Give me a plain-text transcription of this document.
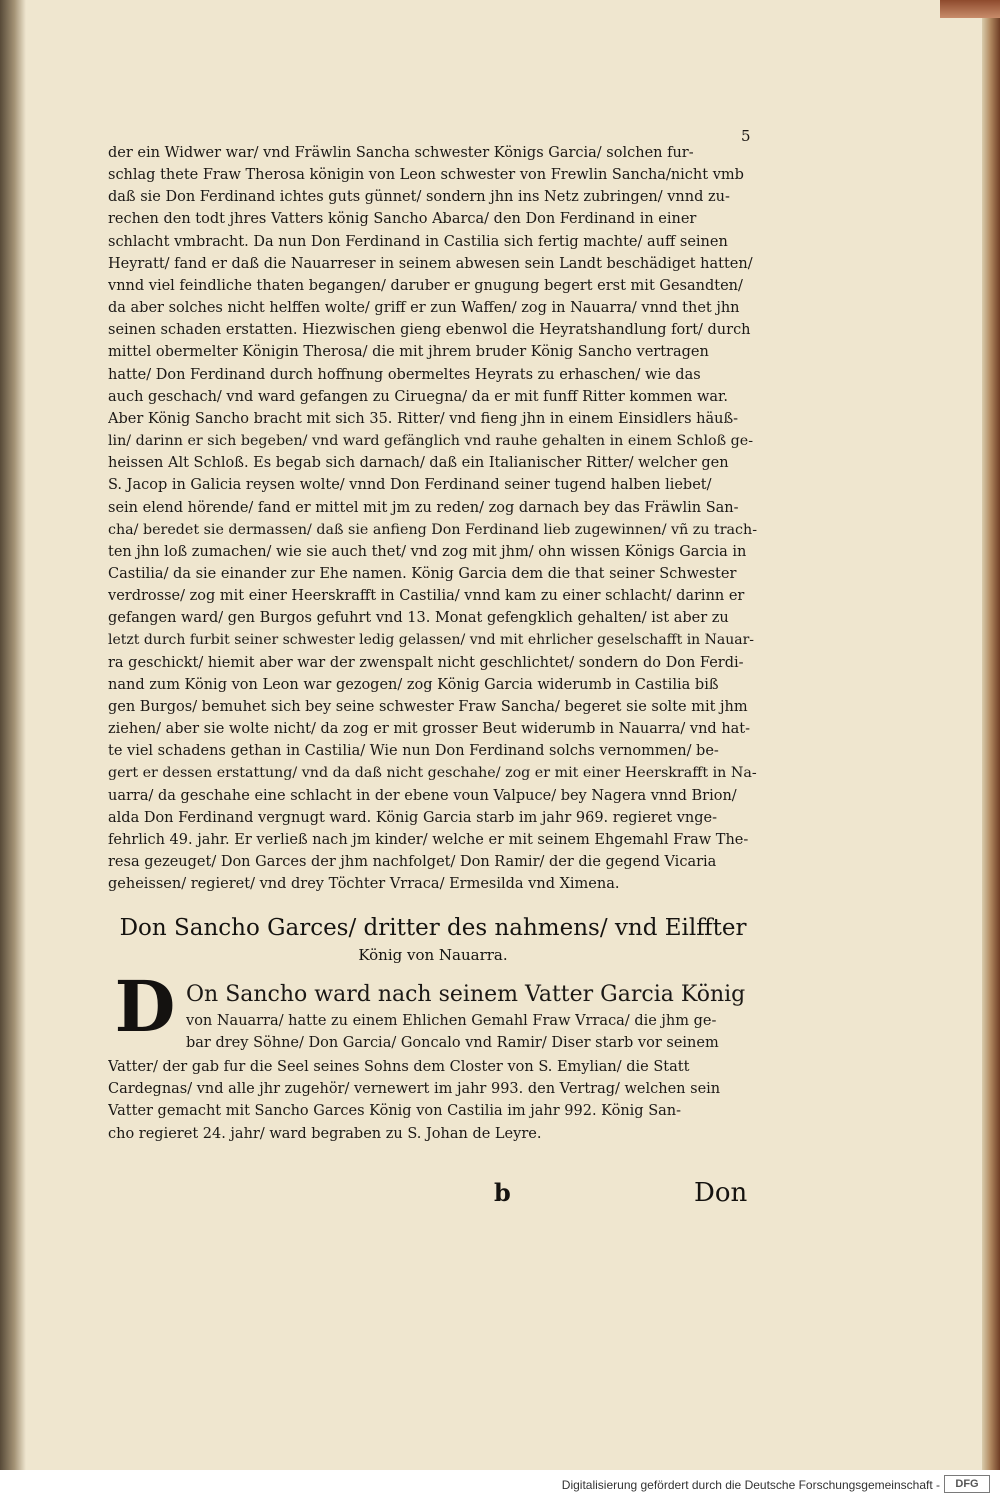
5
der ein Widwer war/ vnd Fräwlin Sancha schwester Königs Garcia/ solchen fur-
schlag thete Fraw Therosa königin von Leon schwester von Frewlin Sancha/nicht vmb
daß sie Don Ferdinand ichtes guts günnet/ sondern jhn ins Netz zubringen/ vnnd zu-
rechen den todt jhres Vatters könig Sancho Abarca/ den Don Ferdinand in einer
schlacht vmbracht. Da nun Don Ferdinand in Castilia sich fertig machte/ auff seinen
Heyratt/ fand er daß die Nauarreser in seinem abwesen sein Landt beschädiget hatten/
vnnd viel feindliche thaten begangen/ daruber er gnugung begert erst mit Gesandten/
da aber solches nicht helffen wolte/ griff er zun Waffen/ zog in Nauarra/ vnnd thet jhn
seinen schaden erstatten. Hiezwischen gieng ebenwol die Heyratshandlung fort/ durch
mittel obermelter Königin Therosa/ die mit jhrem bruder König Sancho vertragen
hatte/ Don Ferdinand durch hoffnung obermeltes Heyrats zu erhaschen/ wie das
auch geschach/ vnd ward gefangen zu Ciruegna/ da er mit funff Ritter kommen war.
Aber König Sancho bracht mit sich 35. Ritter/ vnd fieng jhn in einem Einsidlers häuß-
lin/ darinn er sich begeben/ vnd ward gefänglich vnd rauhe gehalten in einem Schloß ge-
heissen Alt Schloß. Es begab sich darnach/ daß ein Italianischer Ritter/ welcher gen
S. Jacop in Galicia reysen wolte/ vnnd Don Ferdinand seiner tugend halben liebet/
sein elend hörende/ fand er mittel mit jm zu reden/ zog darnach bey das Fräwlin San-
cha/ beredet sie dermassen/ daß sie anfieng Don Ferdinand lieb zugewinnen/ vñ zu trach-
ten jhn loß zumachen/ wie sie auch thet/ vnd zog mit jhm/ ohn wissen Königs Garcia in
Castilia/ da sie einander zur Ehe namen. König Garcia dem die that seiner Schwester
verdrosse/ zog mit einer Heerskrafft in Castilia/ vnnd kam zu einer schlacht/ darinn er
gefangen ward/ gen Burgos gefuhrt vnd 13. Monat gefengklich gehalten/ ist aber zu
letzt durch furbit seiner schwester ledig gelassen/ vnd mit ehrlicher geselschafft in Nauar-
ra geschickt/ hiemit aber war der zwenspalt nicht geschlichtet/ sondern do Don Ferdi-
nand zum König von Leon war gezogen/ zog König Garcia widerumb in Castilia biß
gen Burgos/ bemuhet sich bey seine schwester Fraw Sancha/ begeret sie solte mit jhm
ziehen/ aber sie wolte nicht/ da zog er mit grosser Beut widerumb in Nauarra/ vnd hat-
te viel schadens gethan in Castilia/ Wie nun Don Ferdinand solchs vernommen/ be-
gert er dessen erstattung/ vnd da daß nicht geschahe/ zog er mit einer Heerskrafft in Na-
uarra/ da geschahe eine schlacht in der ebene voun Valpuce/ bey Nagera vnnd Brion/
alda Don Ferdinand vergnugt ward. König Garcia starb im jahr 969. regieret vnge-
fehrlich 49. jahr. Er verließ nach jm kinder/ welche er mit seinem Ehgemahl Fraw The-
resa gezeuget/ Don Garces der jhm nachfolget/ Don Ramir/ der die gegend Vicaria
geheissen/ regieret/ vnd drey Töchter Vrraca/ Ermesilda vnd Ximena.
Don Sancho Garces/ dritter des nahmens/ vnd Eilffter
König von Nauarra.
D On Sancho ward nach seinem Vatter Garcia König
von Nauarra/ hatte zu einem Ehlichen Gemahl Fraw Vrraca/ die jhm ge-
bar drey Söhne/ Don Garcia/ Goncalo vnd Ramir/ Diser starb vor seinem
Vatter/ der gab fur die Seel seines Sohns dem Closter von S. Emylian/ die Statt
Cardegnas/ vnd alle jhr zugehör/ vernewert im jahr 993. den Vertrag/ welchen sein
Vatter gemacht mit Sancho Garces König von Castilia im jahr 992. König San-
cho regieret 24. jahr/ ward begraben zu S. Johan de Leyre.
b	Don
Digitalisierung gefördert durch die Deutsche Forschungsgemeinschaft -	DFG
